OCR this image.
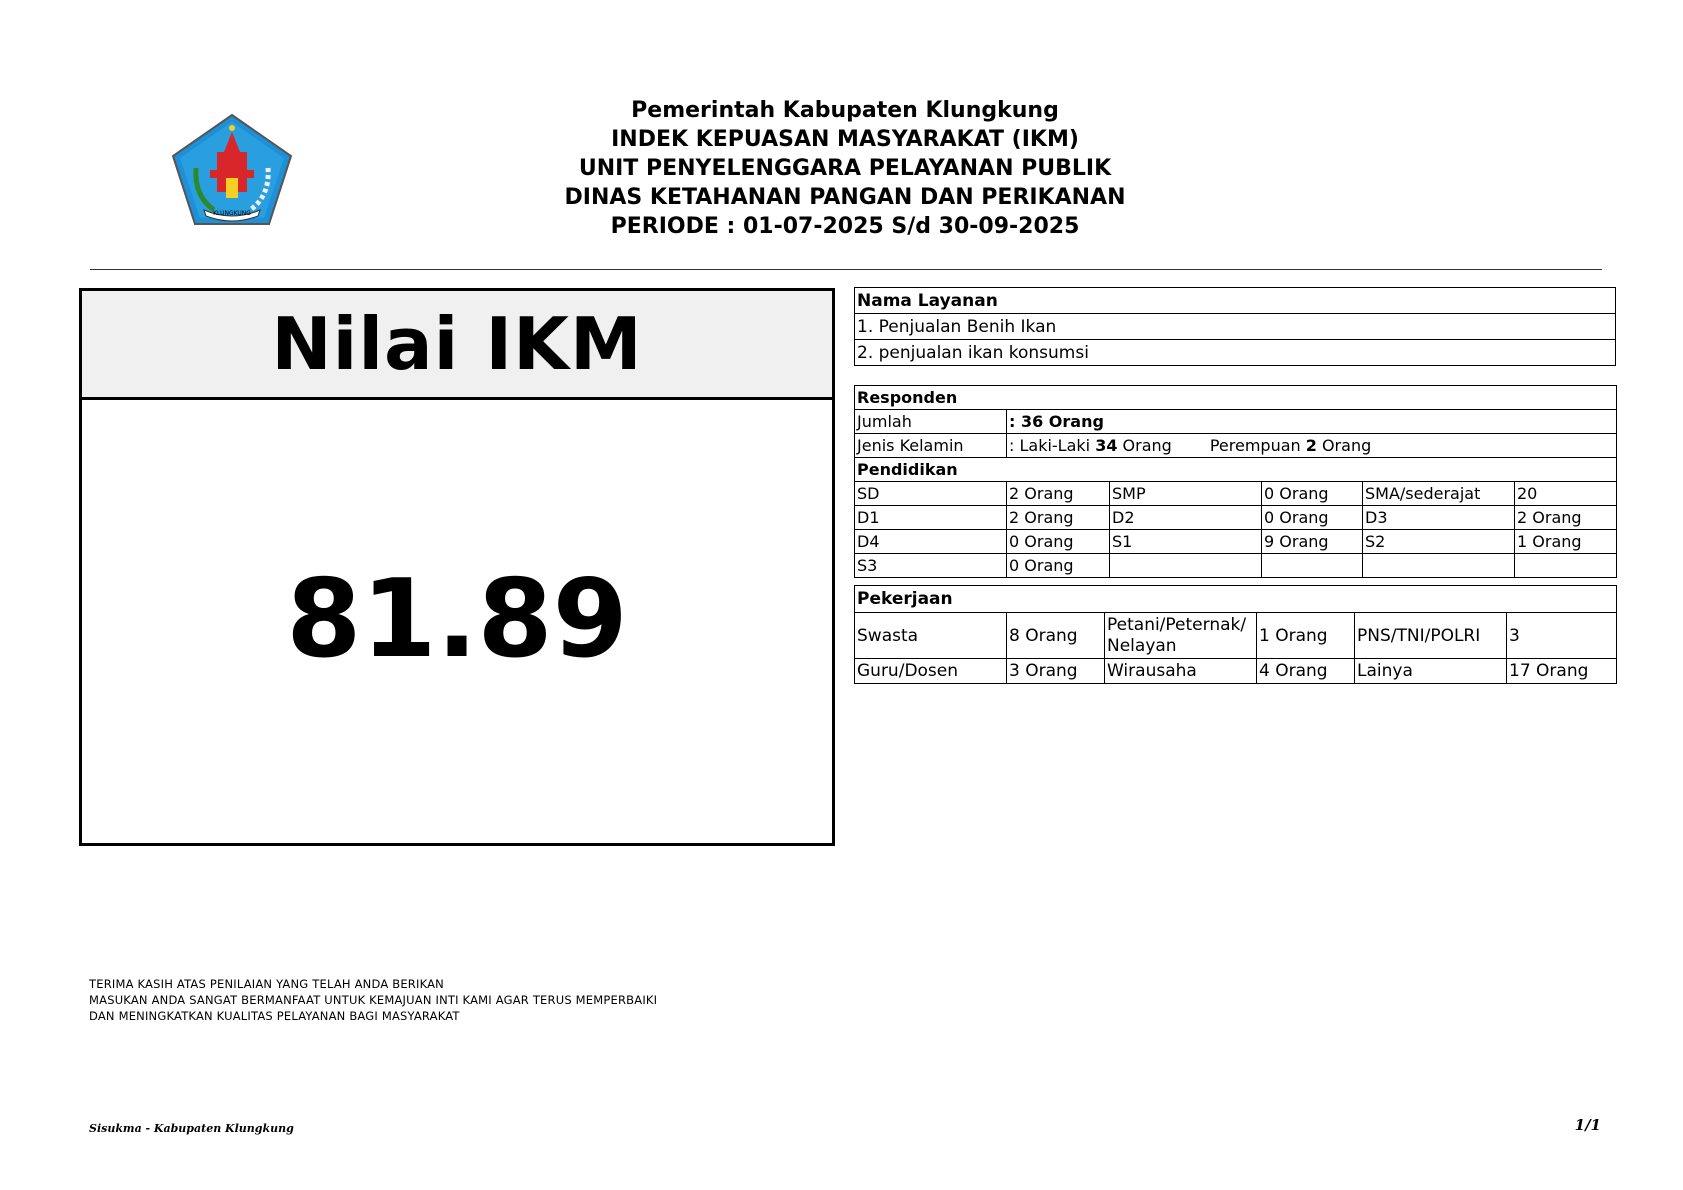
KLUNGKUNG
Pemerintah Kabupaten Klungkung
INDEK KEPUASAN MASYARAKAT (IKM)
UNIT PENYELENGGARA PELAYANAN PUBLIK
DINAS KETAHANAN PANGAN DAN PERIKANAN
PERIODE : 01-07-2025 S/d 30-09-2025
Nilai IKM
81.89
Nama Layanan
1. Penjualan Benih Ikan
2. penjualan ikan konsumsi
Responden					
Jumlah	: 36 Orang				
Jenis Kelamin	: Laki-Laki 34 Orang Perempuan 2 Orang				
Pendidikan					
SD	2 Orang	SMP	0 Orang	SMA/sederajat	20
D1	2 Orang	D2	0 Orang	D3	2 Orang
D4	0 Orang	S1	9 Orang	S2	1 Orang
S3	0 Orang				
Pekerjaan					
Swasta	8 Orang	Petani/Peternak/ Nelayan	1 Orang	PNS/TNI/POLRI	3
Guru/Dosen	3 Orang	Wirausaha	4 Orang	Lainya	17 Orang
TERIMA KASIH ATAS PENILAIAN YANG TELAH ANDA BERIKAN
MASUKAN ANDA SANGAT BERMANFAAT UNTUK KEMAJUAN INTI KAMI AGAR TERUS MEMPERBAIKI
DAN MENINGKATKAN KUALITAS PELAYANAN BAGI MASYARAKAT
Sisukma - Kabupaten Klungkung	1/1
